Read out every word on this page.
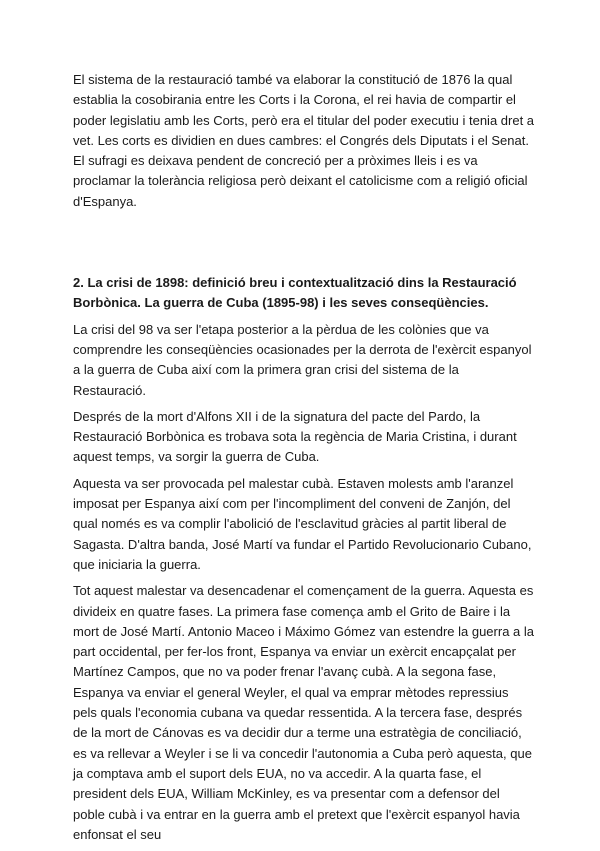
El sistema de la restauració també va elaborar la constitució de 1876 la qual establia la cosobirania entre les Corts i la Corona, el rei havia de compartir el poder legislatiu amb les Corts, però era el titular del poder executiu i tenia dret a vet. Les corts es dividien en dues cambres: el Congrés dels Diputats i el Senat. El sufragi es deixava pendent de concreció per a pròximes lleis i es va proclamar la tolerància religiosa però deixant el catolicisme com a religió oficial d'Espanya.

2. La crisi de 1898: definició breu i contextualització dins la Restauració Borbònica. La guerra de Cuba (1895-98) i les seves conseqüències.

La crisi del 98 va ser l'etapa posterior a la pèrdua de les colònies que va comprendre les conseqüències ocasionades per la derrota de l'exèrcit espanyol a la guerra de Cuba així com la primera gran crisi del sistema de la Restauració.

Després de la mort d'Alfons XII i de la signatura del pacte del Pardo, la Restauració Borbònica es trobava sota la regència de Maria Cristina, i durant aquest temps, va sorgir la guerra de Cuba.

Aquesta va ser provocada pel malestar cubà. Estaven molests amb l'aranzel imposat per Espanya així com per l'incompliment del conveni de Zanjón, del qual només es va complir l'abolició de l'esclavitud gràcies al partit liberal de Sagasta. D'altra banda, José Martí va fundar el Partido Revolucionario Cubano, que iniciaria la guerra.

Tot aquest malestar va desencadenar el començament de la guerra. Aquesta es divideix en quatre fases. La primera fase comença amb el Grito de Baire i la mort de José Martí. Antonio Maceo i Máximo Gómez van estendre la guerra a la part occidental, per fer-los front, Espanya va enviar un exèrcit encapçalat per Martínez Campos, que no va poder frenar l'avanç cubà. A la segona fase, Espanya va enviar el general Weyler, el qual va emprar mètodes repressius pels quals l'economia cubana va quedar ressentida. A la tercera fase, després de la mort de Cánovas es va decidir dur a terme una estratègia de conciliació, es va rellevar a Weyler i se li va concedir l'autonomia a Cuba però aquesta, que ja comptava amb el suport dels EUA, no va accedir. A la quarta fase, el president dels EUA, William McKinley, es va presentar com a defensor del poble cubà i va entrar en la guerra amb el pretext que l'exèrcit espanyol havia enfonsat el seu
